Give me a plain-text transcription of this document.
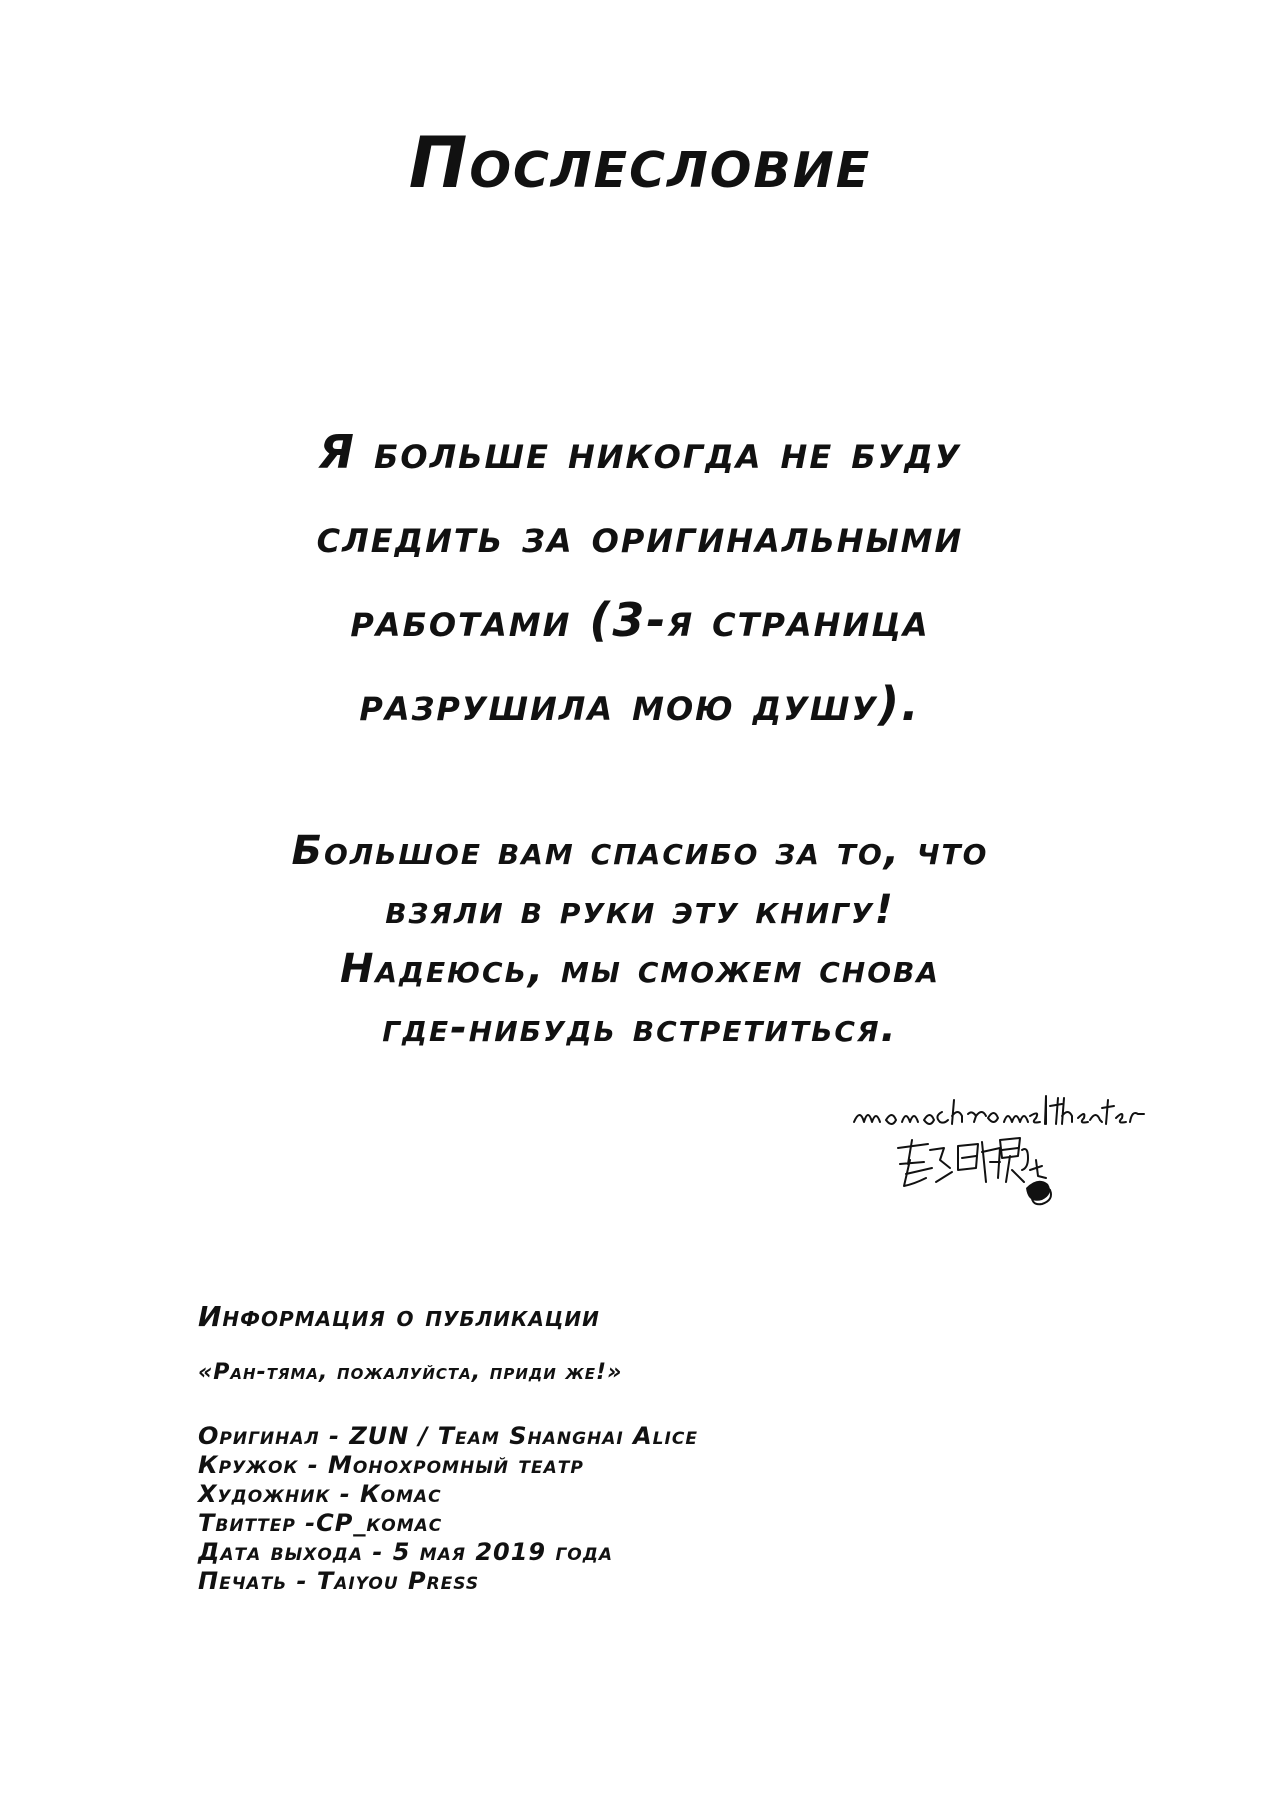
Послесловие
Я больше никогда не буду
следить за оригинальными
работами (3-я страница
разрушила мою душу).
Большое вам спасибо за то, что
взяли в руки эту книгу!
Надеюсь, мы сможем снова
где-нибудь встретиться.
Информация о публикации
«Ран-тяма, пожалуйста, приди же!»
Оригинал - ZUN / Team Shanghai Alice
Кружок - Монохромный театр
Художник - Комас
Твиттер -CP_комас
Дата выхода - 5 мая 2019 года
Печать - Taiyou Press
